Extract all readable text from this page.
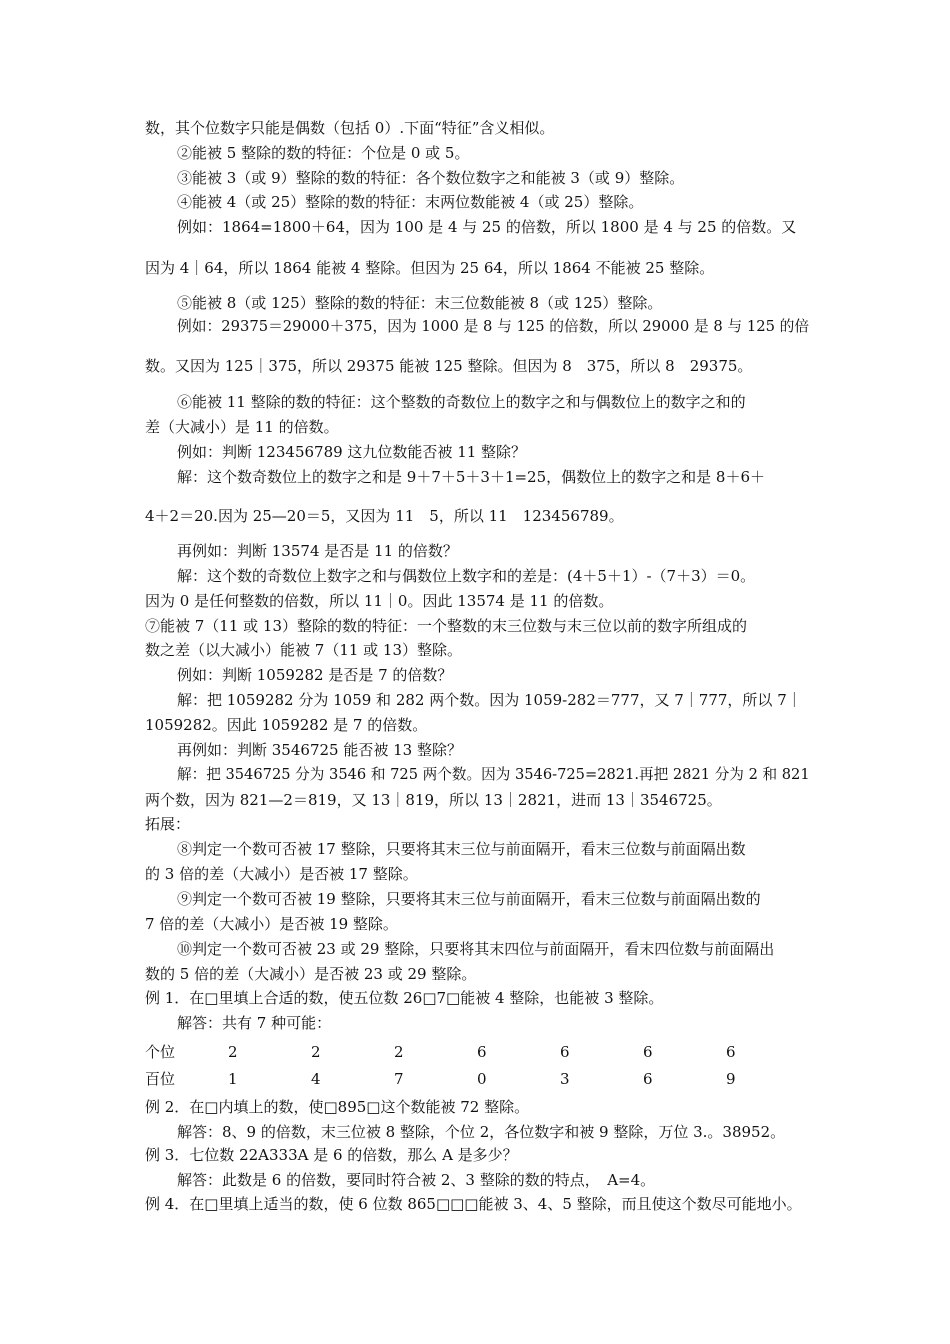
数，其个位数字只能是偶数（包括 0）.下面“特征”含义相似。
②能被 5 整除的数的特征：个位是 0 或 5。
③能被 3（或 9）整除的数的特征：各个数位数字之和能被 3（或 9）整除。
④能被 4（或 25）整除的数的特征：末两位数能被 4（或 25）整除。
例如：1864=1800＋64，因为 100 是 4 与 25 的倍数，所以 1800 是 4 与 25 的倍数。又
因为 4｜64，所以 1864 能被 4 整除。但因为 25 64，所以 1864 不能被 25 整除。
⑤能被 8（或 125）整除的数的特征：末三位数能被 8（或 125）整除。
例如：29375＝29000＋375，因为 1000 是 8 与 125 的倍数，所以 29000 是 8 与 125 的倍
数。又因为 125｜375，所以 29375 能被 125 整除。但因为 8　375，所以 8　29375。
⑥能被 11 整除的数的特征：这个整数的奇数位上的数字之和与偶数位上的数字之和的
差（大减小）是 11 的倍数。
例如：判断 123456789 这九位数能否被 11 整除？
解：这个数奇数位上的数字之和是 9＋7＋5＋3＋1=25，偶数位上的数字之和是 8＋6＋
4＋2＝20.因为 25—20＝5，又因为 11　5，所以 11　123456789。
再例如：判断 13574 是否是 11 的倍数？
解：这个数的奇数位上数字之和与偶数位上数字和的差是：(4＋5＋1）-（7＋3）＝0。
因为 0 是任何整数的倍数，所以 11｜0。因此 13574 是 11 的倍数。
⑦能被 7（11 或 13）整除的数的特征：一个整数的末三位数与末三位以前的数字所组成的
数之差（以大减小）能被 7（11 或 13）整除。
例如：判断 1059282 是否是 7 的倍数？
解：把 1059282 分为 1059 和 282 两个数。因为 1059-282＝777，又 7｜777，所以 7｜
1059282。因此 1059282 是 7 的倍数。
再例如：判断 3546725 能否被 13 整除？
解：把 3546725 分为 3546 和 725 两个数。因为 3546-725=2821.再把 2821 分为 2 和 821
两个数，因为 821—2＝819，又 13｜819，所以 13｜2821，进而 13｜3546725。
拓展：
⑧判定一个数可否被 17 整除，只要将其末三位与前面隔开，看末三位数与前面隔出数
的 3 倍的差（大减小）是否被 17 整除。
⑨判定一个数可否被 19 整除，只要将其末三位与前面隔开，看末三位数与前面隔出数的
7 倍的差（大减小）是否被 19 整除。
⑩判定一个数可否被 23 或 29 整除，只要将其末四位与前面隔开，看末四位数与前面隔出
数的 5 倍的差（大减小）是否被 23 或 29 整除。
例 1．在□里填上合适的数，使五位数 26□7□能被 4 整除，也能被 3 整除。
解答：共有 7 种可能：
个位	2	2	2	6	6	6	6
百位	1	4	7	0	3	6	9
例 2．在□内填上的数，使□895□这个数能被 72 整除。
解答：8、9 的倍数，末三位被 8 整除，个位 2，各位数字和被 9 整除，万位 3.。38952。
例 3．七位数 22A333A 是 6 的倍数，那么 A 是多少？
解答：此数是 6 的倍数，要同时符合被 2、3 整除的数的特点，　A=4。
例 4．在□里填上适当的数，使 6 位数 865□□□能被 3、4、5 整除，而且使这个数尽可能地小。
